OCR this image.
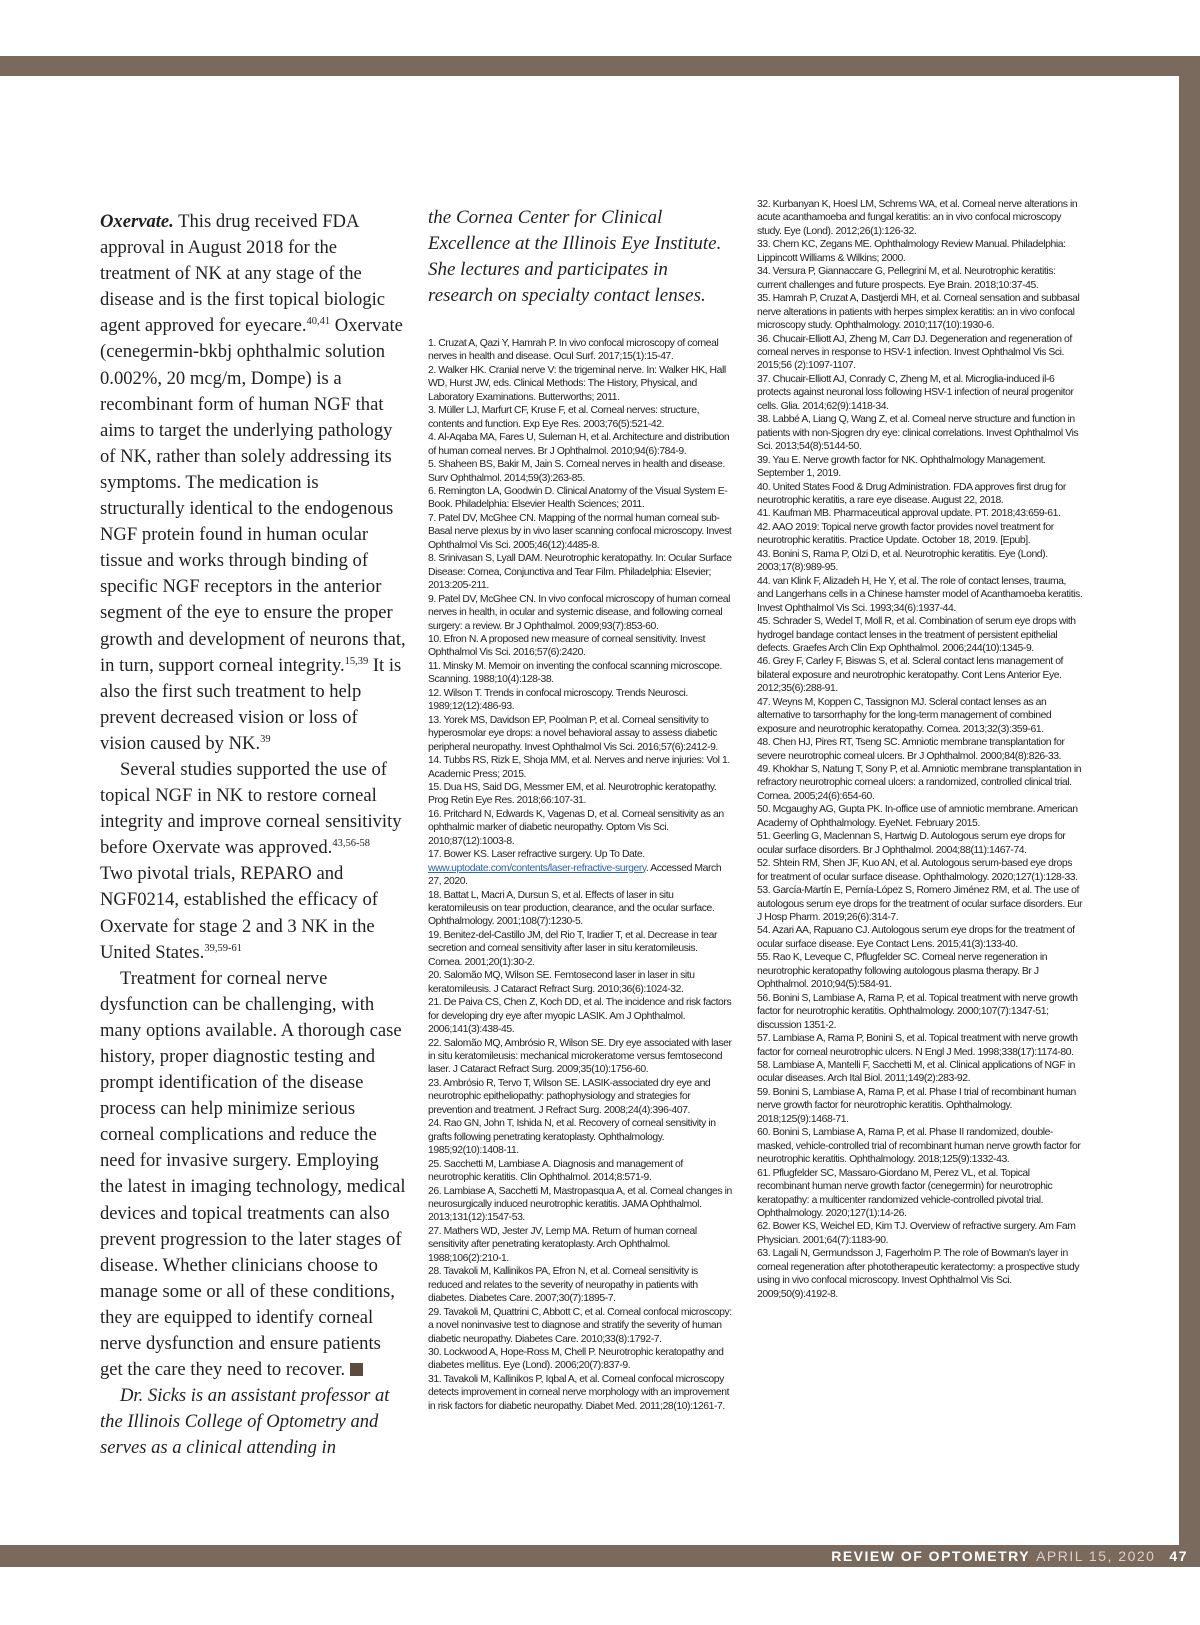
Oxervate. This drug received FDA approval in August 2018 for the treatment of NK at any stage of the disease and is the first topical biologic agent approved for eyecare.$^{40,41}$ Oxervate (cenegermin-bkbj ophthalmic solution 0.002%, 20 mcg/m, Dompe) is a recombinant form of human NGF that aims to target the underlying pathology of NK, rather than solely addressing its symptoms. The medication is structurally identical to the endogenous NGF protein found in human ocular tissue and works through binding of specific NGF receptors in the anterior segment of the eye to ensure the proper growth and development of neurons that, in turn, support corneal integrity.$^{15,39}$ It is also the first such treatment to help prevent decreased vision or loss of vision caused by NK.$^{39}$

Several studies supported the use of topical NGF in NK to restore corneal integrity and improve corneal sensitivity before Oxervate was approved.$^{43,56-58}$ Two pivotal trials, REPARO and NGF0214, established the efficacy of Oxervate for stage 2 and 3 NK in the United States.$^{39,59-61}$

Treatment for corneal nerve dysfunction can be challenging, with many options available. A thorough case history, proper diagnostic testing and prompt identification of the disease process can help minimize serious corneal complications and reduce the need for invasive surgery. Employing the latest in imaging technology, medical devices and topical treatments can also prevent progression to the later stages of disease. Whether clinicians choose to manage some or all of these conditions, they are equipped to identify corneal nerve dysfunction and ensure patients get the care they need to recover.

Dr. Sicks is an assistant professor at the Illinois College of Optometry and serves as a clinical attending in

the Cornea Center for Clinical Excellence at the Illinois Eye Institute. She lectures and participates in research on specialty contact lenses.

1. Cruzat A, Qazi Y, Hamrah P. In vivo confocal microscopy of corneal nerves in health and disease. Ocul Surf. 2017;15(1):15-47.

2. Walker HK. Cranial nerve V: the trigeminal nerve. In: Walker HK, Hall WD, Hurst JW, eds. Clinical Methods: The History, Physical, and Laboratory Examinations. Butterworths; 2011.

3. Müller LJ, Marfurt CF, Kruse F, et al. Corneal nerves: structure, contents and function. Exp Eye Res. 2003;76(5):521-42.

4. Al-Aqaba MA, Fares U, Suleman H, et al. Architecture and distribution of human corneal nerves. Br J Ophthalmol. 2010;94(6):784-9.

5. Shaheen BS, Bakir M, Jain S. Corneal nerves in health and disease. Surv Ophthalmol. 2014;59(3):263-85.

6. Remington LA, Goodwin D. Clinical Anatomy of the Visual System E-Book. Philadelphia: Elsevier Health Sciences; 2011.

7. Patel DV, McGhee CN. Mapping of the normal human corneal sub-Basal nerve plexus by in vivo laser scanning confocal microscopy. Invest Ophthalmol Vis Sci. 2005;46(12):4485-8.

8. Srinivasan S, Lyall DAM. Neurotrophic keratopathy. In: Ocular Surface Disease: Cornea, Conjunctiva and Tear Film. Philadelphia: Elsevier; 2013:205-211.

9. Patel DV, McGhee CN. In vivo confocal microscopy of human corneal nerves in health, in ocular and systemic disease, and following corneal surgery: a review. Br J Ophthalmol. 2009;93(7):853-60.

10. Efron N. A proposed new measure of corneal sensitivity. Invest Ophthalmol Vis Sci. 2016;57(6):2420.

11. Minsky M. Memoir on inventing the confocal scanning microscope. Scanning. 1988;10(4):128-38.

12. Wilson T. Trends in confocal microscopy. Trends Neurosci. 1989;12(12):486-93.

13. Yorek MS, Davidson EP, Poolman P, et al. Corneal sensitivity to hyperosmolar eye drops: a novel behavioral assay to assess diabetic peripheral neuropathy. Invest Ophthalmol Vis Sci. 2016;57(6):2412-9.

14. Tubbs RS, Rizk E, Shoja MM, et al. Nerves and nerve injuries: Vol 1. Academic Press; 2015.

15. Dua HS, Said DG, Messmer EM, et al. Neurotrophic keratopathy. Prog Retin Eye Res. 2018;66:107-31.

16. Pritchard N, Edwards K, Vagenas D, et al. Corneal sensitivity as an ophthalmic marker of diabetic neuropathy. Optom Vis Sci. 2010;87(12):1003-8.

17. Bower KS. Laser refractive surgery. Up To Date. www.uptodate.com/contents/laser-refractive-surgery. Accessed March 27, 2020.

18. Battat L, Macri A, Dursun S, et al. Effects of laser in situ keratomileusis on tear production, clearance, and the ocular surface. Ophthalmology. 2001;108(7):1230-5.

19. Benitez-del-Castillo JM, del Rio T, Iradier T, et al. Decrease in tear secretion and corneal sensitivity after laser in situ keratomileusis. Cornea. 2001;20(1):30-2.

20. Salomão MQ, Wilson SE. Femtosecond laser in laser in situ keratomileusis. J Cataract Refract Surg. 2010;36(6):1024-32.

21. De Paiva CS, Chen Z, Koch DD, et al. The incidence and risk factors for developing dry eye after myopic LASIK. Am J Ophthalmol. 2006;141(3):438-45.

22. Salomão MQ, Ambrósio R, Wilson SE. Dry eye associated with laser in situ keratomileusis: mechanical microkeratome versus femtosecond laser. J Cataract Refract Surg. 2009;35(10):1756-60.

23. Ambrósio R, Tervo T, Wilson SE. LASIK-associated dry eye and neurotrophic epitheliopathy: pathophysiology and strategies for prevention and treatment. J Refract Surg. 2008;24(4):396-407.

24. Rao GN, John T, Ishida N, et al. Recovery of corneal sensitivity in grafts following penetrating keratoplasty. Ophthalmology. 1985;92(10):1408-11.

25. Sacchetti M, Lambiase A. Diagnosis and management of neurotrophic keratitis. Clin Ophthalmol. 2014;8:571-9.

26. Lambiase A, Sacchetti M, Mastropasqua A, et al. Corneal changes in neurosurgically induced neurotrophic keratitis. JAMA Ophthalmol. 2013;131(12):1547-53.

27. Mathers WD, Jester JV, Lemp MA. Return of human corneal sensitivity after penetrating keratoplasty. Arch Ophthalmol. 1988;106(2):210-1.

28. Tavakoli M, Kallinikos PA, Efron N, et al. Corneal sensitivity is reduced and relates to the severity of neuropathy in patients with diabetes. Diabetes Care. 2007;30(7):1895-7.

29. Tavakoli M, Quattrini C, Abbott C, et al. Corneal confocal microscopy: a novel noninvasive test to diagnose and stratify the severity of human diabetic neuropathy. Diabetes Care. 2010;33(8):1792-7.

30. Lockwood A, Hope-Ross M, Chell P. Neurotrophic keratopathy and diabetes mellitus. Eye (Lond). 2006;20(7):837-9.

31. Tavakoli M, Kallinikos P, Iqbal A, et al. Corneal confocal microscopy detects improvement in corneal nerve morphology with an improvement in risk factors for diabetic neuropathy. Diabet Med. 2011;28(10):1261-7.

32. Kurbanyan K, Hoesl LM, Schrems WA, et al. Corneal nerve alterations in acute acanthamoeba and fungal keratitis: an in vivo confocal microscopy study. Eye (Lond). 2012;26(1):126-32.

33. Chern KC, Zegans ME. Ophthalmology Review Manual. Philadelphia: Lippincott Williams & Wilkins; 2000.

34. Versura P, Giannaccare G, Pellegrini M, et al. Neurotrophic keratitis: current challenges and future prospects. Eye Brain. 2018;10:37-45.

35. Hamrah P, Cruzat A, Dastjerdi MH, et al. Corneal sensation and subbasal nerve alterations in patients with herpes simplex keratitis: an in vivo confocal microscopy study. Ophthalmology. 2010;117(10):1930-6.

36. Chucair-Elliott AJ, Zheng M, Carr DJ. Degeneration and regeneration of corneal nerves in response to HSV-1 infection. Invest Ophthalmol Vis Sci. 2015;56 (2):1097-1107.

37. Chucair-Elliott AJ, Conrady C, Zheng M, et al. Microglia-induced il-6 protects against neuronal loss following HSV-1 infection of neural progenitor cells. Glia. 2014;62(9):1418-34.

38. Labbé A, Liang Q, Wang Z, et al. Corneal nerve structure and function in patients with non-Sjogren dry eye: clinical correlations. Invest Ophthalmol Vis Sci. 2013;54(8):5144-50.

39. Yau E. Nerve growth factor for NK. Ophthalmology Management. September 1, 2019.

40. United States Food & Drug Administration. FDA approves first drug for neurotrophic keratitis, a rare eye disease. August 22, 2018.

41. Kaufman MB. Pharmaceutical approval update. PT. 2018;43:659-61.

42. AAO 2019: Topical nerve growth factor provides novel treatment for neurotrophic keratitis. Practice Update. October 18, 2019. [Epub].

43. Bonini S, Rama P, Olzi D, et al. Neurotrophic keratitis. Eye (Lond). 2003;17(8):989-95.

44. van Klink F, Alizadeh H, He Y, et al. The role of contact lenses, trauma, and Langerhans cells in a Chinese hamster model of Acanthamoeba keratitis. Invest Ophthalmol Vis Sci. 1993;34(6):1937-44.

45. Schrader S, Wedel T, Moll R, et al. Combination of serum eye drops with hydrogel bandage contact lenses in the treatment of persistent epithelial defects. Graefes Arch Clin Exp Ophthalmol. 2006;244(10):1345-9.

46. Grey F, Carley F, Biswas S, et al. Scleral contact lens management of bilateral exposure and neurotrophic keratopathy. Cont Lens Anterior Eye. 2012;35(6):288-91.

47. Weyns M, Koppen C, Tassignon MJ. Scleral contact lenses as an alternative to tarsorrhaphy for the long-term management of combined exposure and neurotrophic keratopathy. Cornea. 2013;32(3):359-61.

48. Chen HJ, Pires RT, Tseng SC. Amniotic membrane transplantation for severe neurotrophic corneal ulcers. Br J Ophthalmol. 2000;84(8):826-33.

49. Khokhar S, Natung T, Sony P, et al. Amniotic membrane transplantation in refractory neurotrophic corneal ulcers: a randomized, controlled clinical trial. Cornea. 2005;24(6):654-60.

50. Mcgaughy AG, Gupta PK. In-office use of amniotic membrane. American Academy of Ophthalmology. EyeNet. February 2015.

51. Geerling G, Maclennan S, Hartwig D. Autologous serum eye drops for ocular surface disorders. Br J Ophthalmol. 2004;88(11):1467-74.

52. Shtein RM, Shen JF, Kuo AN, et al. Autologous serum-based eye drops for treatment of ocular surface disease. Ophthalmology. 2020;127(1):128-33.

53. García-Martín E, Pernía-López S, Romero Jiménez RM, et al. The use of autologous serum eye drops for the treatment of ocular surface disorders. Eur J Hosp Pharm. 2019;26(6):314-7.

54. Azari AA, Rapuano CJ. Autologous serum eye drops for the treatment of ocular surface disease. Eye Contact Lens. 2015;41(3):133-40.

55. Rao K, Leveque C, Pflugfelder SC. Corneal nerve regeneration in neurotrophic keratopathy following autologous plasma therapy. Br J Ophthalmol. 2010;94(5):584-91.

56. Bonini S, Lambiase A, Rama P, et al. Topical treatment with nerve growth factor for neurotrophic keratitis. Ophthalmology. 2000;107(7):1347-51; discussion 1351-2.

57. Lambiase A, Rama P, Bonini S, et al. Topical treatment with nerve growth factor for corneal neurotrophic ulcers. N Engl J Med. 1998;338(17):1174-80.

58. Lambiase A, Mantelli F, Sacchetti M, et al. Clinical applications of NGF in ocular diseases. Arch Ital Biol. 2011;149(2):283-92.

59. Bonini S, Lambiase A, Rama P, et al. Phase I trial of recombinant human nerve growth factor for neurotrophic keratitis. Ophthalmology. 2018;125(9):1468-71.

60. Bonini S, Lambiase A, Rama P, et al. Phase II randomized, double-masked, vehicle-controlled trial of recombinant human nerve growth factor for neurotrophic keratitis. Ophthalmology. 2018;125(9):1332-43.

61. Pflugfelder SC, Massaro-Giordano M, Perez VL, et al. Topical recombinant human nerve growth factor (cenegermin) for neurotrophic keratopathy: a multicenter randomized vehicle-controlled pivotal trial. Ophthalmology. 2020;127(1):14-26.

62. Bower KS, Weichel ED, Kim TJ. Overview of refractive surgery. Am Fam Physician. 2001;64(7):1183-90.

63. Lagali N, Germundsson J, Fagerholm P. The role of Bowman's layer in corneal regeneration after phototherapeutic keratectomy: a prospective study using in vivo confocal microscopy. Invest Ophthalmol Vis Sci. 2009;50(9):4192-8.

REVIEW OF OPTOMETRY APRIL 15, 2020 47
